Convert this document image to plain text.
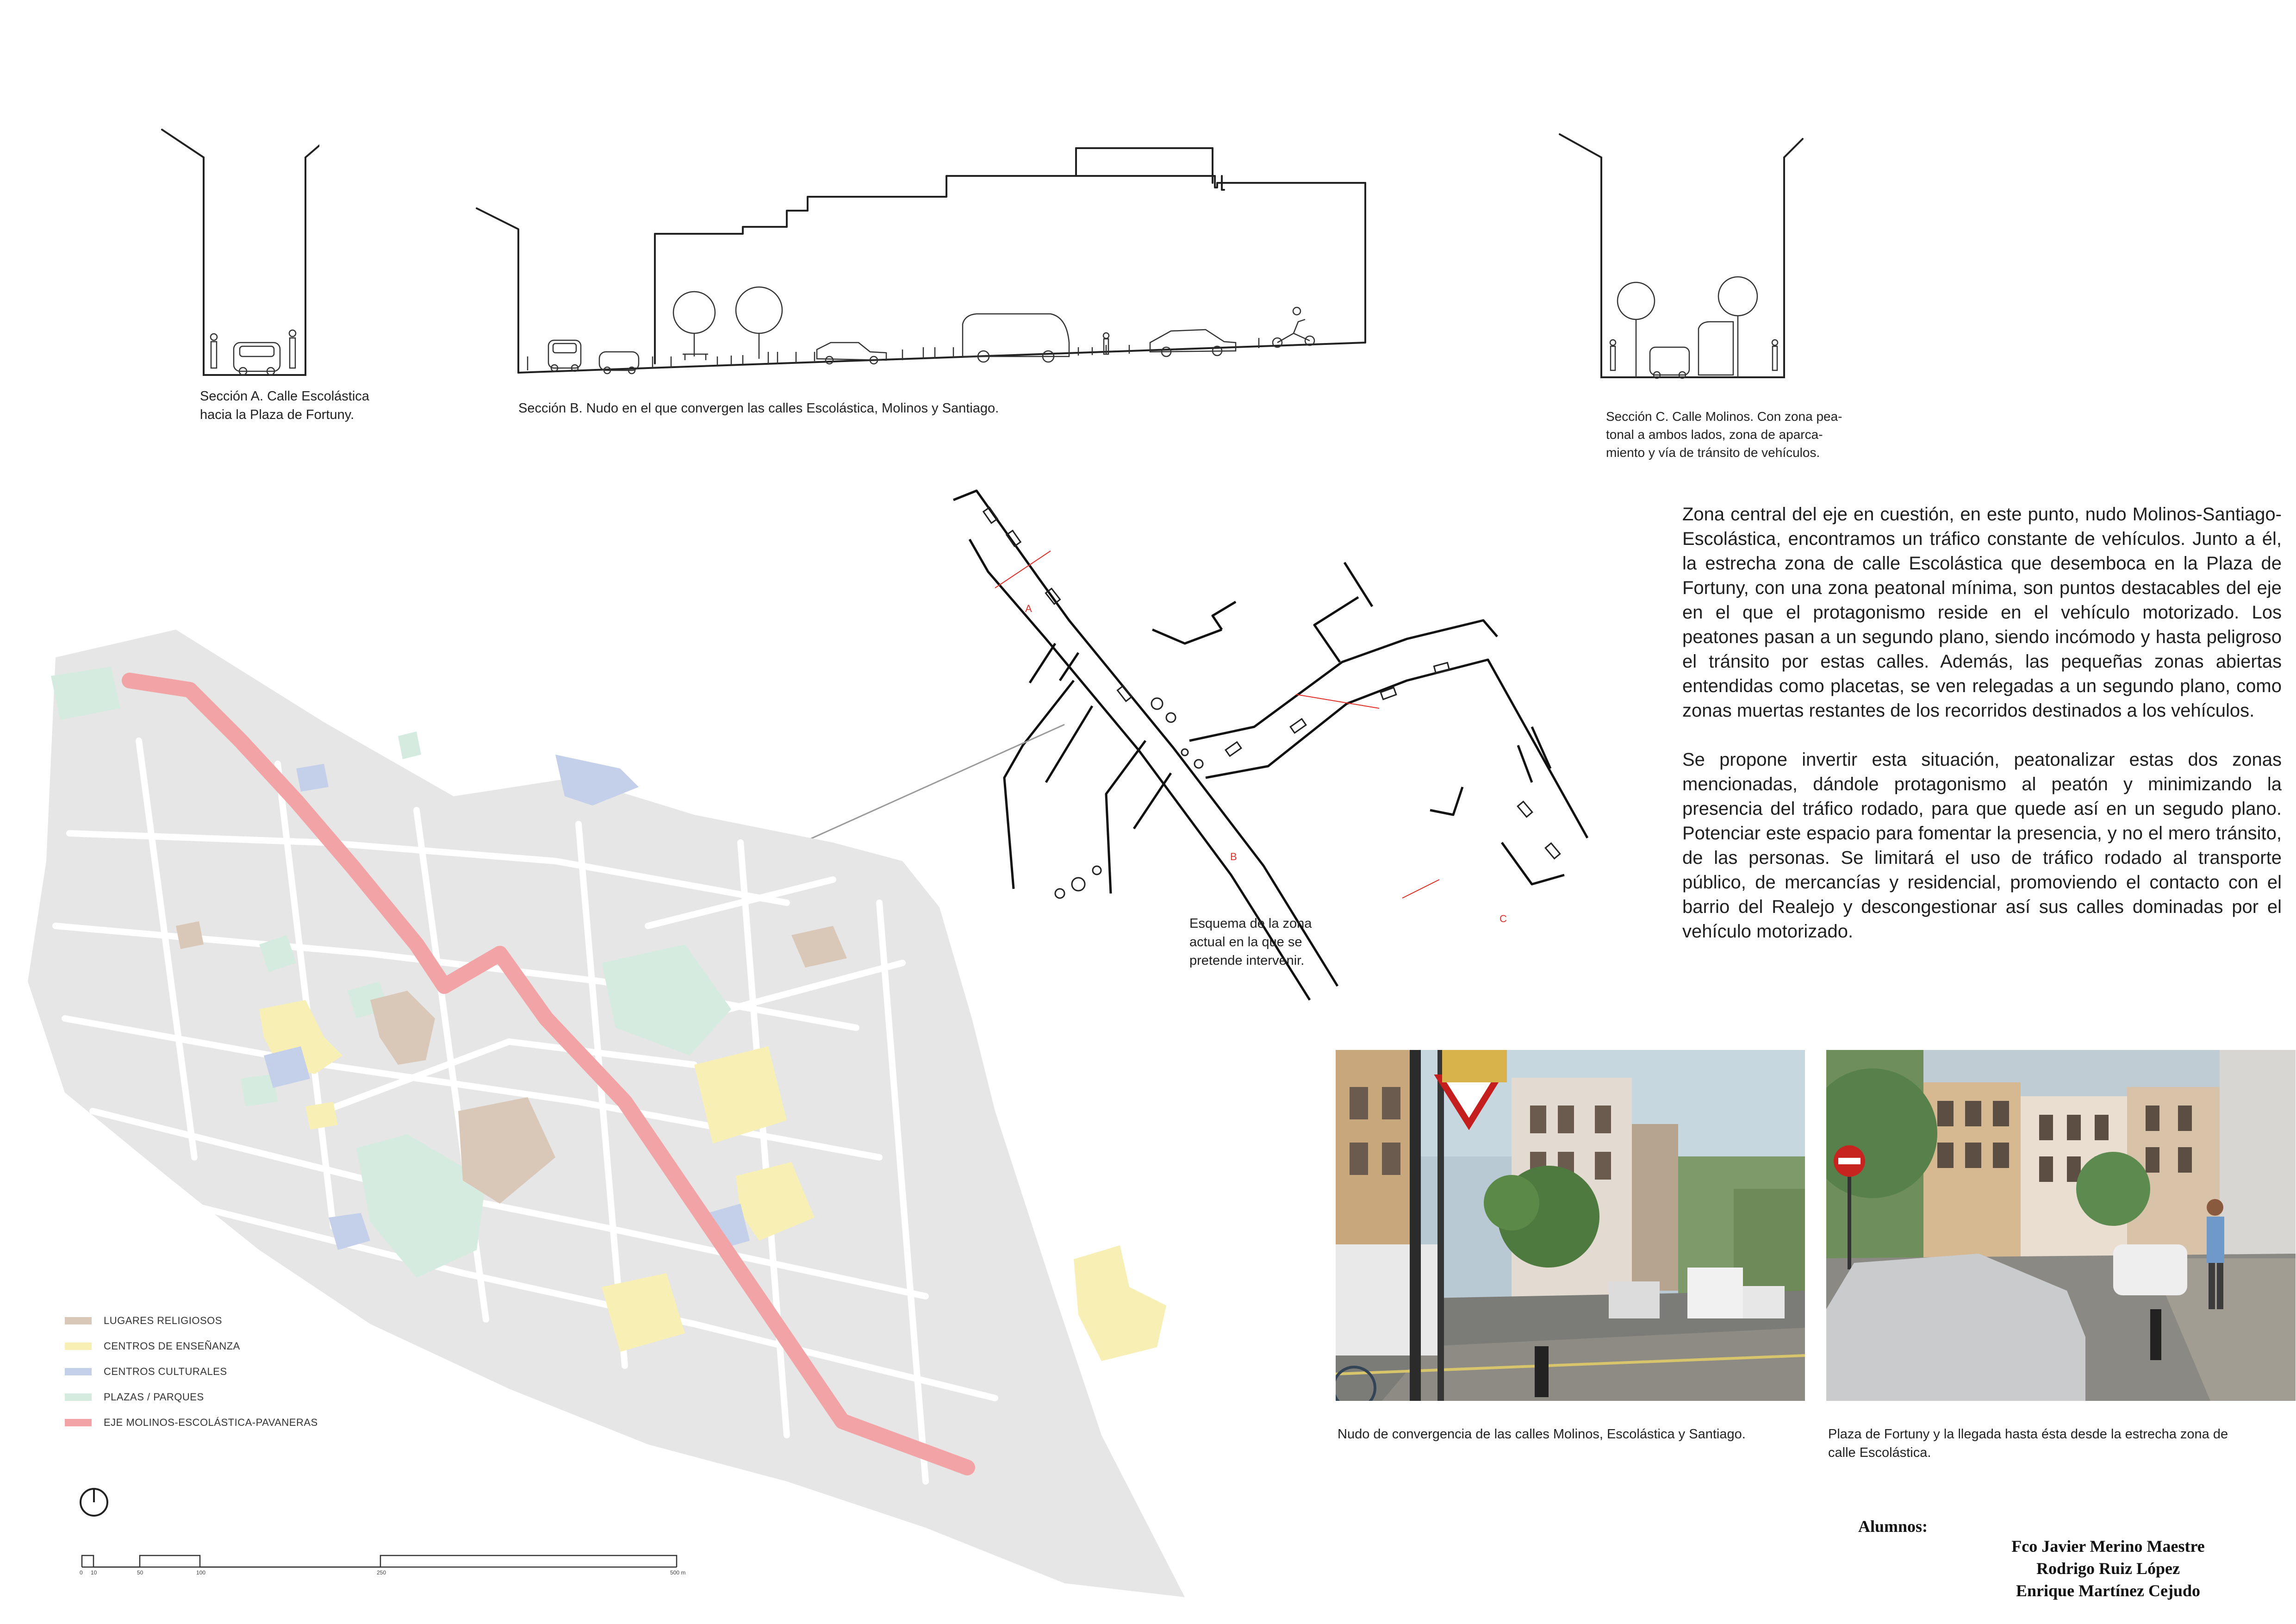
Sección A. Calle Escolástica
hacia la Plaza de Fortuny.	Sección B. Nudo en el que convergen las calles Escolástica, Molinos y Santiago.
Sección C. Calle Molinos. Con zona pea-
tonal a ambos lados, zona de aparca-
miento y vía de tránsito de vehículos.
A
B
C
Esquema de la zona
actual en la que se
pretende intervenir.

Zona central del eje en cuestión, en este punto, nudo Molinos-Santiago-Escolástica, encontramos un tráfico constante de vehículos. Junto a él, la estrecha zona de calle Escolástica que desemboca en la Plaza de Fortuny, con una zona peatonal mínima, son puntos destacables del eje en el que el protagonismo reside en el vehículo motorizado. Los peatones pasan a un segundo plano, siendo incómodo y hasta peligroso el tránsito por estas calles. Además, las pequeñas zonas abiertas entendidas como placetas, se ven relegadas a un segundo plano, como zonas muertas restantes de los recorridos destinados a los vehículos.

Se propone invertir esta situación, peatonalizar estas dos zonas mencionadas, dándole protagonismo al peatón y minimizando la presencia del tráfico rodado, para que quede así en un segudo plano. Potenciar este espacio para fomentar la presencia, y no el mero tránsito, de las personas. Se limitará el uso de tráfico rodado al transporte público, de mercancías y residencial, promoviendo el contacto con el barrio del Realejo y descongestionar así sus calles dominadas por el vehículo motorizado.

LUGARES RELIGIOSOS
CENTROS DE ENSEÑANZA
CENTROS CULTURALES
PLAZAS / PARQUES
EJE MOLINOS-ESCOLÁSTICA-PAVANERAS
0 10	50	100	250	500 m
Nudo de convergencia de las calles Molinos, Escolástica y Santiago.	Plaza de Fortuny y la llegada hasta ésta desde la estrecha zona de
calle Escolástica.
Alumnos:
Fco Javier Merino Maestre
Rodrigo Ruiz López
Enrique Martínez Cejudo
